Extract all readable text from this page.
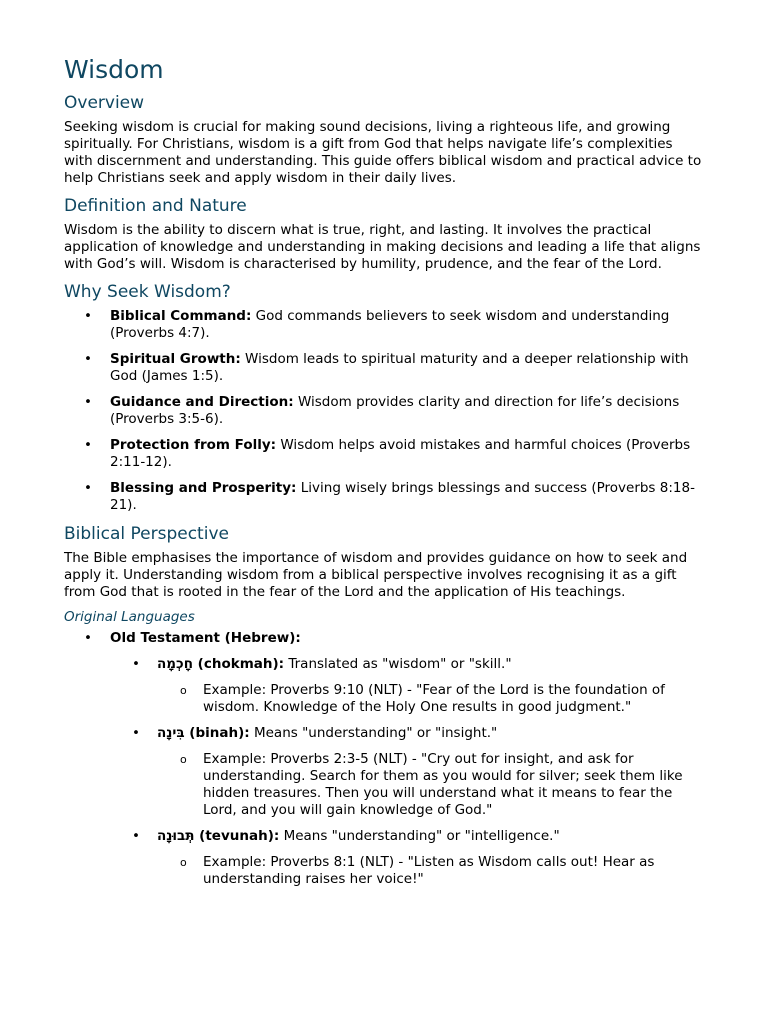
Wisdom
Overview

Seeking wisdom is crucial for making sound decisions, living a righteous life, and growing spiritually. For Christians, wisdom is a gift from God that helps navigate life’s complexities with discernment and understanding. This guide offers biblical wisdom and practical advice to help Christians seek and apply wisdom in their daily lives.

Definition and Nature

Wisdom is the ability to discern what is true, right, and lasting. It involves the practical application of knowledge and understanding in making decisions and leading a life that aligns with God’s will. Wisdom is characterised by humility, prudence, and the fear of the Lord.

Why Seek Wisdom?
• Biblical Command: God commands believers to seek wisdom and understanding (Proverbs 4:7).
• Spiritual Growth: Wisdom leads to spiritual maturity and a deeper relationship with God (James 1:5).
• Guidance and Direction: Wisdom provides clarity and direction for life’s decisions (Proverbs 3:5-6).
• Protection from Folly: Wisdom helps avoid mistakes and harmful choices (Proverbs 2:11-12).
• Blessing and Prosperity: Living wisely brings blessings and success (Proverbs 8:18-21).
Biblical Perspective

The Bible emphasises the importance of wisdom and provides guidance on how to seek and apply it. Understanding wisdom from a biblical perspective involves recognising it as a gift from God that is rooted in the fear of the Lord and the application of His teachings.

Original Languages
• Old Testament (Hebrew):
• חָכְמָה (chokmah): Translated as "wisdom" or "skill."
o Example: Proverbs 9:10 (NLT) - "Fear of the Lord is the foundation of wisdom. Knowledge of the Holy One results in good judgment."
• בִּינָה (binah): Means "understanding" or "insight."
o Example: Proverbs 2:3-5 (NLT) - "Cry out for insight, and ask for understanding. Search for them as you would for silver; seek them like hidden treasures. Then you will understand what it means to fear the Lord, and you will gain knowledge of God."
• תְּבוּנָה (tevunah): Means "understanding" or "intelligence."
o Example: Proverbs 8:1 (NLT) - "Listen as Wisdom calls out! Hear as understanding raises her voice!"
